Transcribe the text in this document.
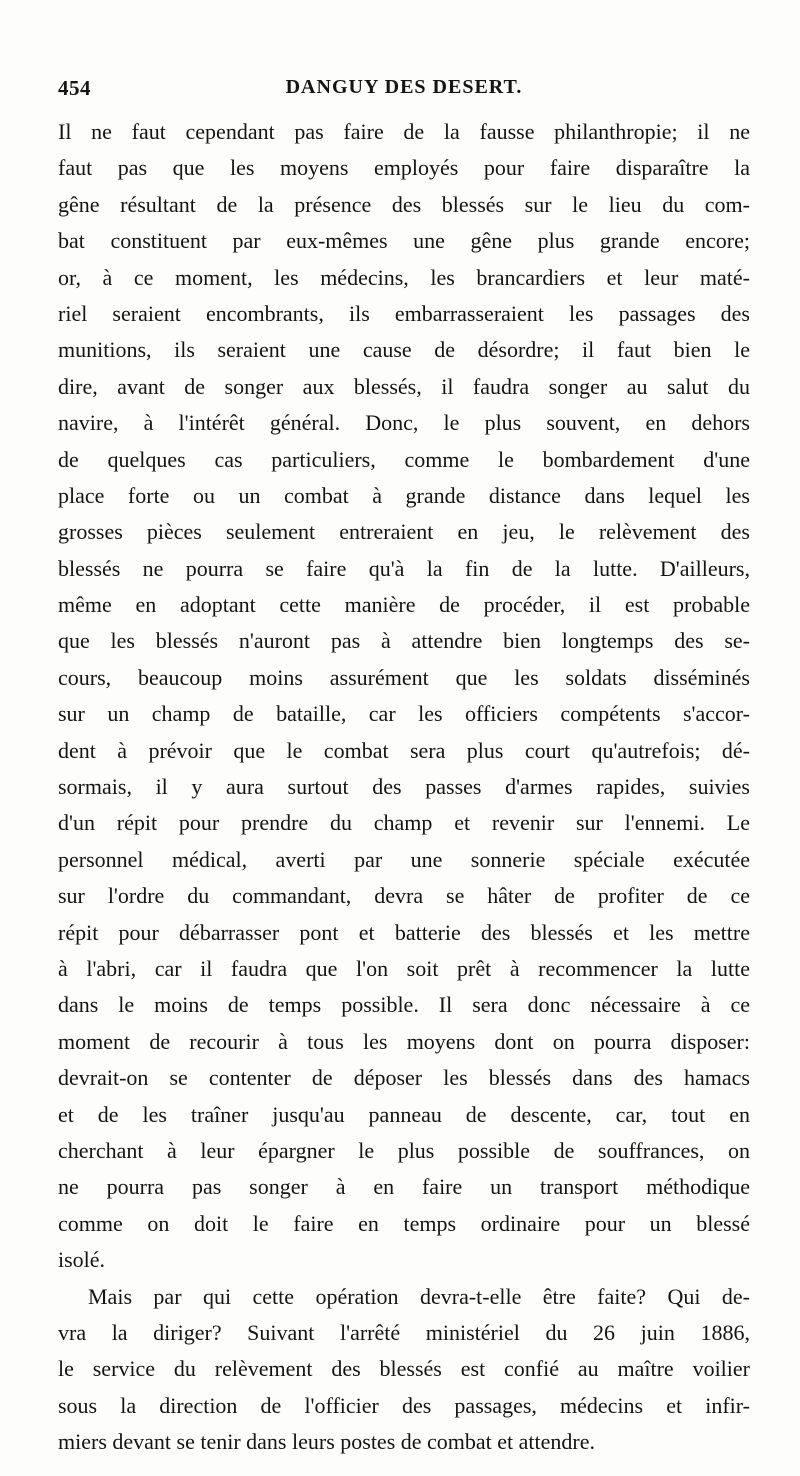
454	DANGUY DES DESERT.
Il ne faut cependant pas faire de la fausse philanthropie; il ne
faut pas que les moyens employés pour faire disparaître la
gêne résultant de la présence des blessés sur le lieu du com-
bat constituent par eux-mêmes une gêne plus grande encore;
or, à ce moment, les médecins, les brancardiers et leur maté-
riel seraient encombrants, ils embarrasseraient les passages des
munitions, ils seraient une cause de désordre; il faut bien le
dire, avant de songer aux blessés, il faudra songer au salut du
navire, à l'intérêt général. Donc, le plus souvent, en dehors
de quelques cas particuliers, comme le bombardement d'une
place forte ou un combat à grande distance dans lequel les
grosses pièces seulement entreraient en jeu, le relèvement des
blessés ne pourra se faire qu'à la fin de la lutte. D'ailleurs,
même en adoptant cette manière de procéder, il est probable
que les blessés n'auront pas à attendre bien longtemps des se-
cours, beaucoup moins assurément que les soldats disséminés
sur un champ de bataille, car les officiers compétents s'accor-
dent à prévoir que le combat sera plus court qu'autrefois; dé-
sormais, il y aura surtout des passes d'armes rapides, suivies
d'un répit pour prendre du champ et revenir sur l'ennemi. Le
personnel médical, averti par une sonnerie spéciale exécutée
sur l'ordre du commandant, devra se hâter de profiter de ce
répit pour débarrasser pont et batterie des blessés et les mettre
à l'abri, car il faudra que l'on soit prêt à recommencer la lutte
dans le moins de temps possible. Il sera donc nécessaire à ce
moment de recourir à tous les moyens dont on pourra disposer:
devrait-on se contenter de déposer les blessés dans des hamacs
et de les traîner jusqu'au panneau de descente, car, tout en
cherchant à leur épargner le plus possible de souffrances, on
ne pourra pas songer à en faire un transport méthodique
comme on doit le faire en temps ordinaire pour un blessé
isolé.
Mais par qui cette opération devra-t-elle être faite? Qui de-
vra la diriger? Suivant l'arrêté ministériel du 26 juin 1886,
le service du relèvement des blessés est confié au maître voilier
sous la direction de l'officier des passages, médecins et infir-
miers devant se tenir dans leurs postes de combat et attendre.
